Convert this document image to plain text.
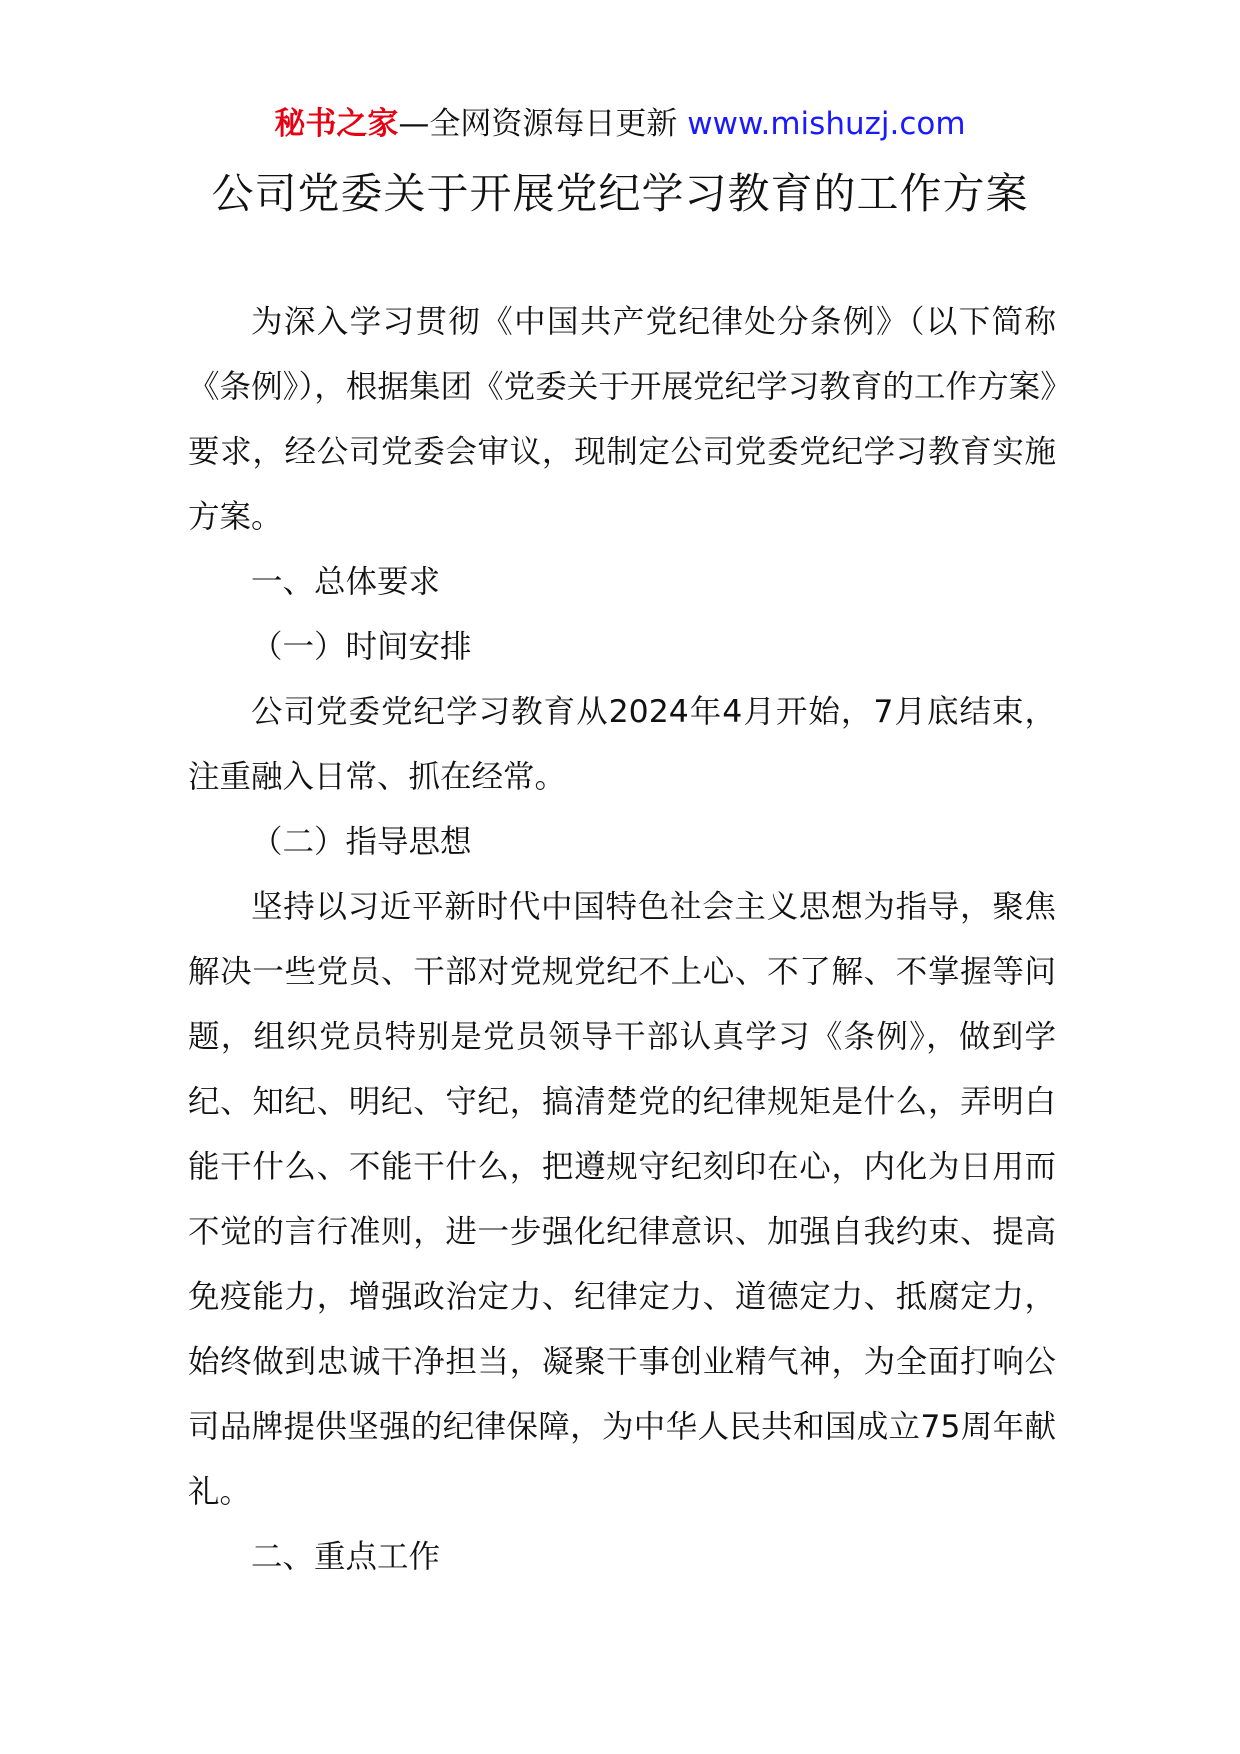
秘书之家—全网资源每日更新 www.mishuzj.com
公司党委关于开展党纪学习教育的工作方案

为深入学习贯彻《中国共产党纪律处分条例》（以下简称《条例》），根据集团《党委关于开展党纪学习教育的工作方案》要求，经公司党委会审议，现制定公司党委党纪学习教育实施方案。

一、总体要求

（一）时间安排

公司党委党纪学习教育从2024年4月开始，7月底结束，注重融入日常、抓在经常。

（二）指导思想

坚持以习近平新时代中国特色社会主义思想为指导，聚焦解决一些党员、干部对党规党纪不上心、不了解、不掌握等问题，组织党员特别是党员领导干部认真学习《条例》，做到学纪、知纪、明纪、守纪，搞清楚党的纪律规矩是什么，弄明白能干什么、不能干什么，把遵规守纪刻印在心，内化为日用而不觉的言行准则，进一步强化纪律意识、加强自我约束、提高免疫能力，增强政治定力、纪律定力、道德定力、抵腐定力，始终做到忠诚干净担当，凝聚干事创业精气神，为全面打响公司品牌提供坚强的纪律保障，为中华人民共和国成立75周年献礼。

二、重点工作
